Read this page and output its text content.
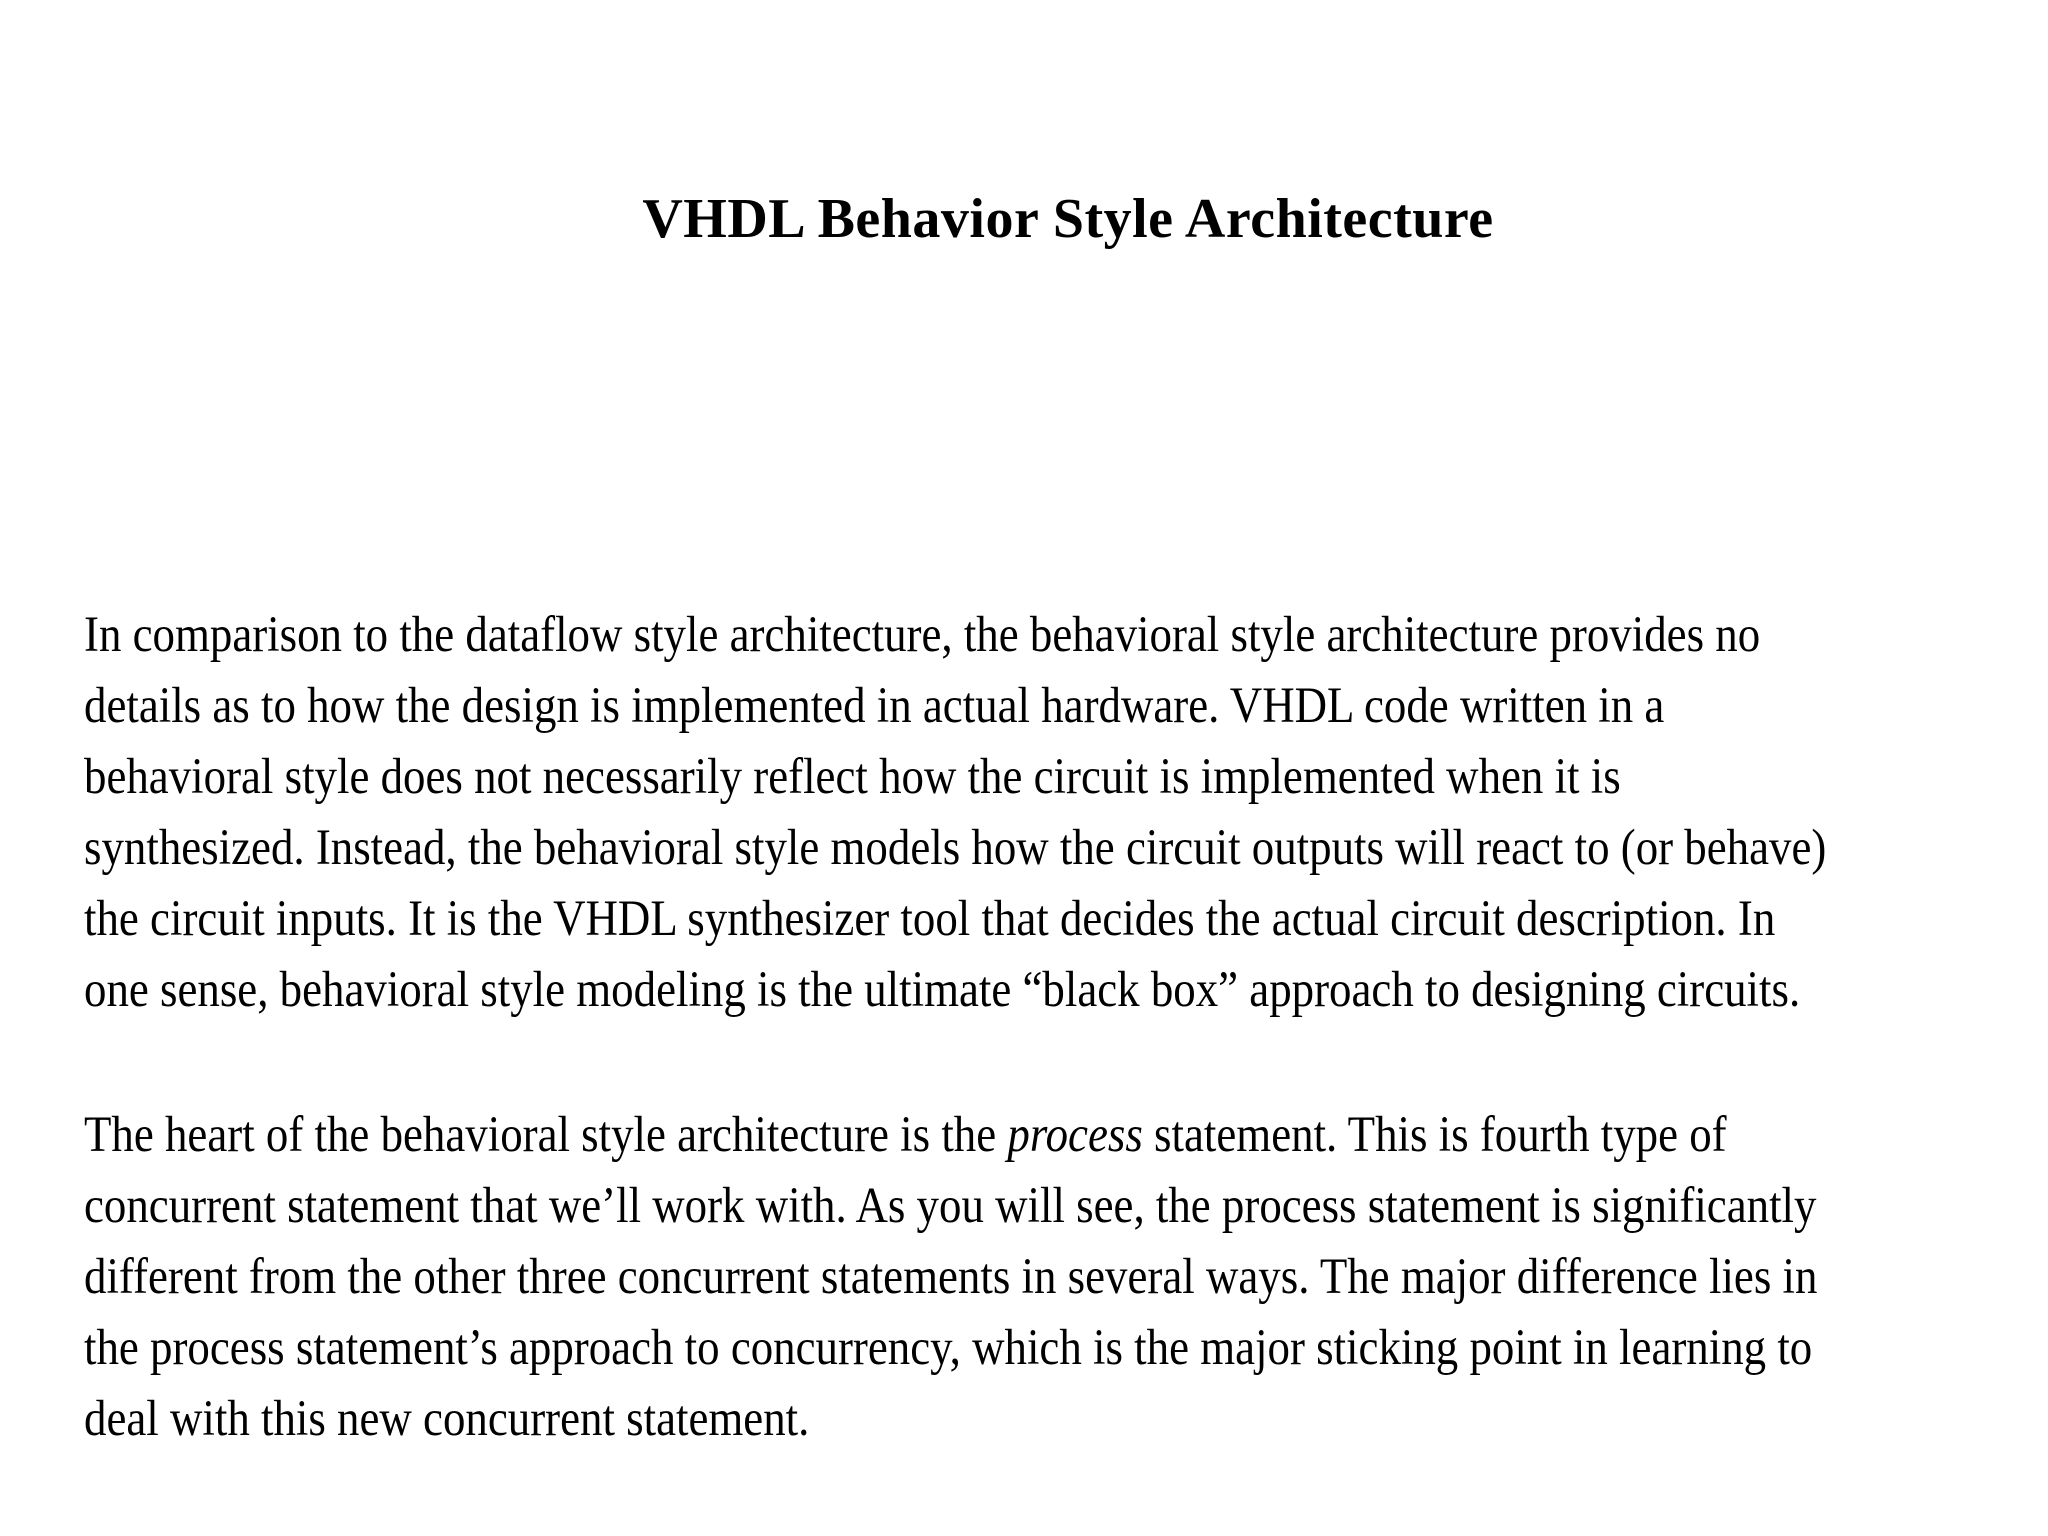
VHDL Behavior Style Architecture

In comparison to the dataflow style architecture, the behavioral style architecture provides no
details as to how the design is implemented in actual hardware. VHDL code written in a
behavioral style does not necessarily reflect how the circuit is implemented when it is
synthesized. Instead, the behavioral style models how the circuit outputs will react to (or behave)
the circuit inputs. It is the VHDL synthesizer tool that decides the actual circuit description. In
one sense, behavioral style modeling is the ultimate “black box” approach to designing circuits.

The heart of the behavioral style architecture is the process statement. This is fourth type of
concurrent statement that we’ll work with. As you will see, the process statement is significantly
different from the other three concurrent statements in several ways. The major difference lies in
the process statement’s approach to concurrency, which is the major sticking point in learning to
deal with this new concurrent statement.
